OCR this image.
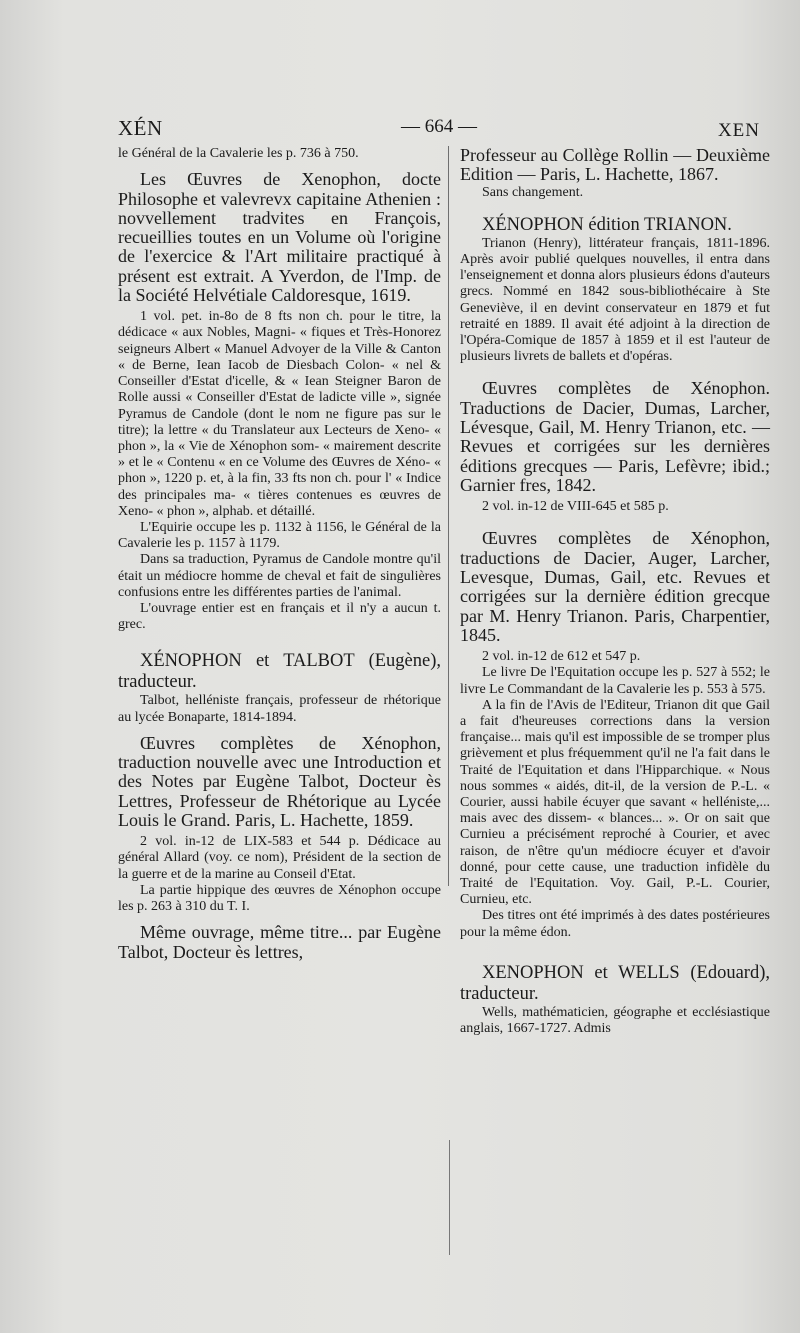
XÉN	— 664 —	XEN

le Général de la Cavalerie les p. 736 à 750.

Les Œuvres de Xenophon, docte Philosophe et valevrevx capitaine Athenien : novvellement tradvites en François, recueillies toutes en un Volume où l'origine de l'exercice & l'Art militaire practiqué à présent est extrait. A Yverdon, de l'Imp. de la Société Helvétiale Caldoresque, 1619.

1 vol. pet. in-8o de 8 fts non ch. pour le titre, la dédicace « aux Nobles, Magni- « fiques et Très-Honorez seigneurs Albert « Manuel Advoyer de la Ville & Canton « de Berne, Iean Iacob de Diesbach Colon- « nel & Conseiller d'Estat d'icelle, & « Iean Steigner Baron de Rolle aussi « Conseiller d'Estat de ladicte ville », signée Pyramus de Candole (dont le nom ne figure pas sur le titre); la lettre « du Translateur aux Lecteurs de Xeno- « phon », la « Vie de Xénophon som- « mairement descrite » et le « Contenu « en ce Volume des Œuvres de Xéno- « phon », 1220 p. et, à la fin, 33 fts non ch. pour l' « Indice des principales ma- « tières contenues es œuvres de Xeno- « phon », alphab. et détaillé.

L'Equirie occupe les p. 1132 à 1156, le Général de la Cavalerie les p. 1157 à 1179.

Dans sa traduction, Pyramus de Candole montre qu'il était un médiocre homme de cheval et fait de singulières confusions entre les différentes parties de l'animal.

L'ouvrage entier est en français et il n'y a aucun t. grec.

XÉNOPHON et TALBOT (Eugène), traducteur.

Talbot, helléniste français, professeur de rhétorique au lycée Bonaparte, 1814-1894.

Œuvres complètes de Xénophon, traduction nouvelle avec une Introduction et des Notes par Eugène Talbot, Docteur ès Lettres, Professeur de Rhétorique au Lycée Louis le Grand. Paris, L. Hachette, 1859.

2 vol. in-12 de LIX-583 et 544 p. Dédicace au général Allard (voy. ce nom), Président de la section de la guerre et de la marine au Conseil d'Etat.

La partie hippique des œuvres de Xénophon occupe les p. 263 à 310 du T. I.

Même ouvrage, même titre... par Eugène Talbot, Docteur ès lettres,

Professeur au Collège Rollin — Deuxième Edition — Paris, L. Hachette, 1867.

Sans changement.

XÉNOPHON édition TRIANON.

Trianon (Henry), littérateur français, 1811-1896. Après avoir publié quelques nouvelles, il entra dans l'enseignement et donna alors plusieurs édons d'auteurs grecs. Nommé en 1842 sous-bibliothécaire à Ste Geneviève, il en devint conservateur en 1879 et fut retraité en 1889. Il avait été adjoint à la direction de l'Opéra-Comique de 1857 à 1859 et il est l'auteur de plusieurs livrets de ballets et d'opéras.

Œuvres complètes de Xénophon. Traductions de Dacier, Dumas, Larcher, Lévesque, Gail, M. Henry Trianon, etc. — Revues et corrigées sur les dernières éditions grecques — Paris, Lefèvre; ibid.; Garnier fres, 1842.

2 vol. in-12 de VIII-645 et 585 p.

Œuvres complètes de Xénophon, traductions de Dacier, Auger, Larcher, Levesque, Dumas, Gail, etc. Revues et corrigées sur la dernière édition grecque par M. Henry Trianon. Paris, Charpentier, 1845.

2 vol. in-12 de 612 et 547 p.

Le livre De l'Equitation occupe les p. 527 à 552; le livre Le Commandant de la Cavalerie les p. 553 à 575.

A la fin de l'Avis de l'Editeur, Trianon dit que Gail a fait d'heureuses corrections dans la version française... mais qu'il est impossible de se tromper plus grièvement et plus fréquemment qu'il ne l'a fait dans le Traité de l'Equitation et dans l'Hipparchique. « Nous nous sommes « aidés, dit-il, de la version de P.-L. « Courier, aussi habile écuyer que savant « helléniste,... mais avec des dissem- « blances... ». Or on sait que Curnieu a précisément reproché à Courier, et avec raison, de n'être qu'un médiocre écuyer et d'avoir donné, pour cette cause, une traduction infidèle du Traité de l'Equitation. Voy. Gail, P.-L. Courier, Curnieu, etc.

Des titres ont été imprimés à des dates postérieures pour la même édon.

XENOPHON et WELLS (Edouard), traducteur.

Wells, mathématicien, géographe et ecclésiastique anglais, 1667-1727. Admis
